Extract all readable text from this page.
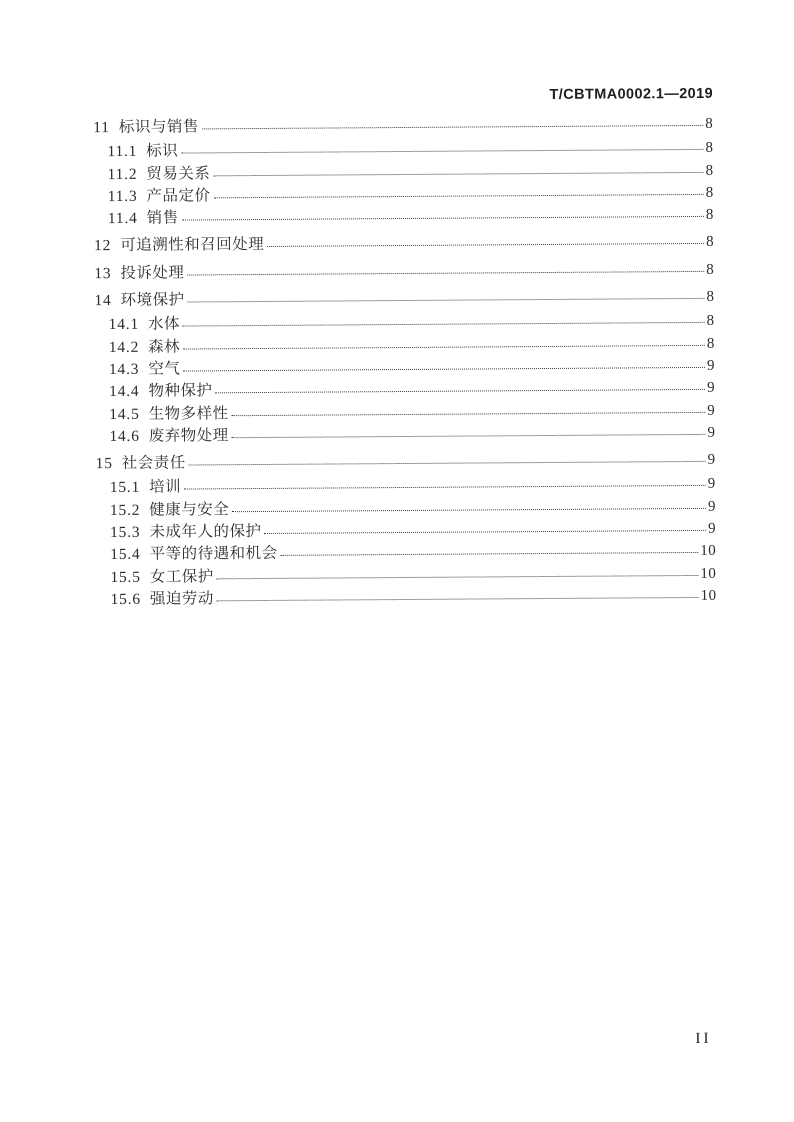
T/CBTMA0002.1—2019
11 标识与销售	8
11.1 标识	8
11.2 贸易关系	8
11.3 产品定价	8
11.4 销售	8
12 可追溯性和召回处理	8
13 投诉处理	8
14 环境保护	8
14.1 水体	8
14.2 森林	8
14.3 空气	9
14.4 物种保护	9
14.5 生物多样性	9
14.6 废弃物处理	9
15 社会责任	9
15.1 培训	9
15.2 健康与安全	9
15.3 未成年人的保护	9
15.4 平等的待遇和机会	10
15.5 女工保护	10
15.6 强迫劳动	10
II
